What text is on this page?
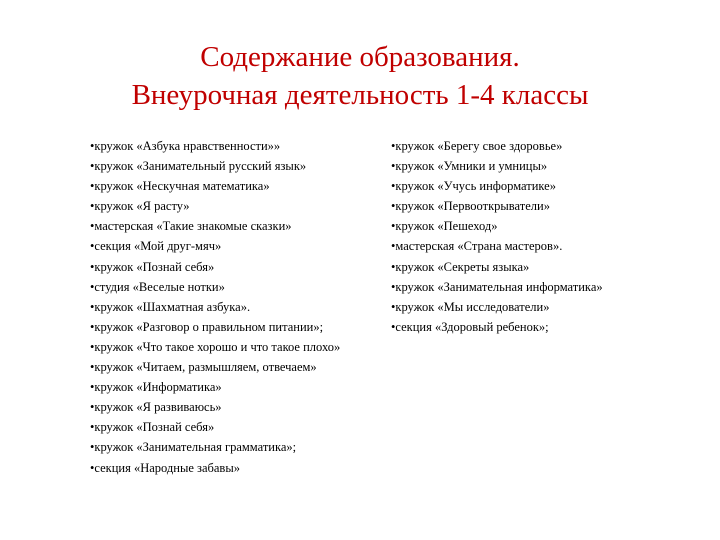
Содержание образования.
Внеурочная деятельность 1-4 классы
•кружок «Азбука нравственности»»
•кружок «Занимательный русский язык»
•кружок «Нескучная математика»
•кружок «Я расту»
•мастерская «Такие знакомые сказки»
•секция «Мой друг-мяч»
•кружок «Познай себя»
•студия «Веселые нотки»
•кружок «Шахматная азбука».
•кружок «Разговор о правильном питании»;
•кружок «Что такое хорошо и что такое плохо»
•кружок «Читаем, размышляем, отвечаем»
•кружок «Информатика»
•кружок «Я развиваюсь»
•кружок «Познай себя»
•кружок «Занимательная грамматика»;
•секция «Народные забавы»
•кружок «Берегу свое здоровье»
•кружок «Умники и умницы»
•кружок «Учусь информатике»
•кружок «Первооткрыватели»
•кружок «Пешеход»
•мастерская «Страна мастеров».
•кружок «Секреты языка»
•кружок «Занимательная информатика»
•кружок «Мы исследователи»
•секция «Здоровый ребенок»;
